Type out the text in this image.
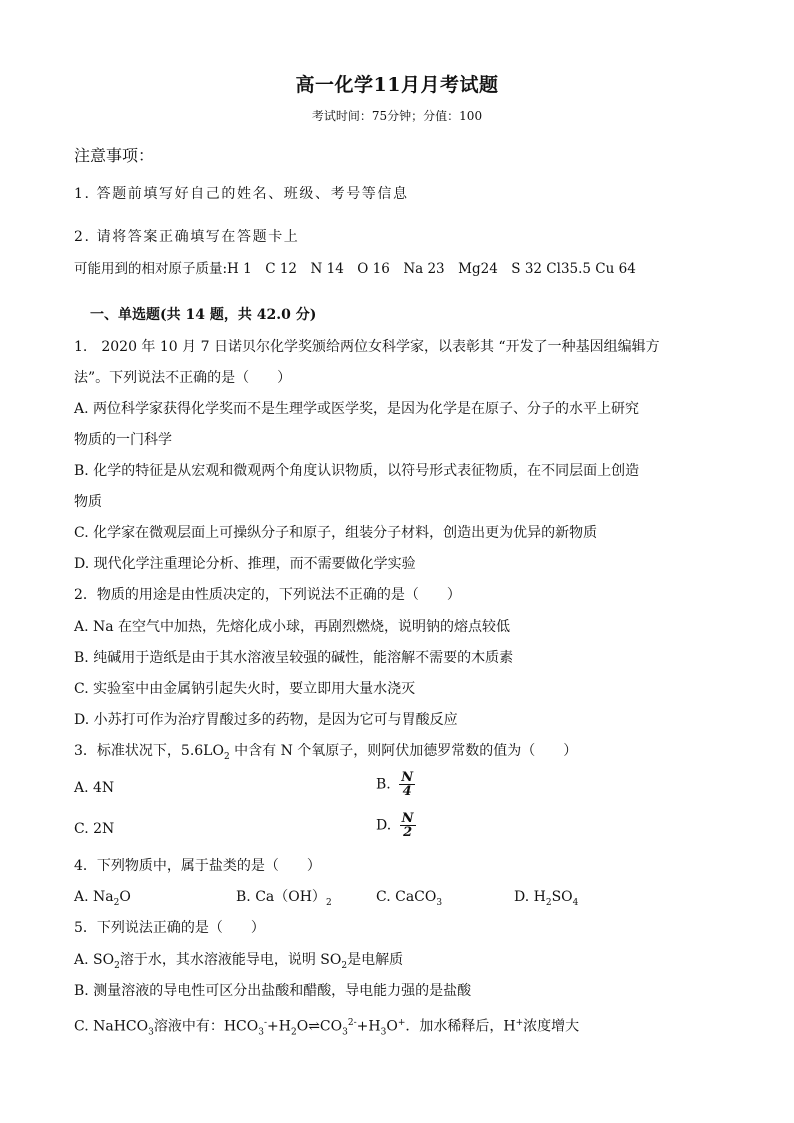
高一化学11月月考试题
考试时间：75分钟；分值：100
注意事项：
1. 答题前填写好自己的姓名、班级、考号等信息
2. 请将答案正确填写在答题卡上
可能用到的相对原子质量:H 1　C 12　N 14　O 16　Na 23　Mg24　S 32 Cl35.5 Cu 64
一、单选题(共 14 题，共 42.0 分)
1.　2020 年 10 月 7 日诺贝尔化学奖颁给两位女科学家，以表彰其 “开发了一种基因组编辑方
法”。下列说法不正确的是（　　）
A. 两位科学家获得化学奖而不是生理学或医学奖，是因为化学是在原子、分子的水平上研究
物质的一门科学
B. 化学的特征是从宏观和微观两个角度认识物质，以符号形式表征物质，在不同层面上创造
物质
C. 化学家在微观层面上可操纵分子和原子，组装分子材料，创造出更为优异的新物质
D. 现代化学注重理论分析、推理，而不需要做化学实验
2．物质的用途是由性质决定的，下列说法不正确的是（　　）
A. Na 在空气中加热，先熔化成小球，再剧烈燃烧，说明钠的熔点较低
B. 纯碱用于造纸是由于其水溶液呈较强的碱性，能溶解不需要的木质素
C. 实验室中由金属钠引起失火时，要立即用大量水浇灭
D. 小苏打可作为治疗胃酸过多的药物，是因为它可与胃酸反应
3．标准状况下，$5.6LO_2$ 中含有 N 个氧原子，则阿伏加德罗常数的值为（　　）
A. 4N	B. $\frac{N}{4}$
C. 2N	D. $\frac{N}{2}$
4．下列物质中，属于盐类的是（　　）
A. $Na_2O$	B. $Ca(OH)_2$	C. CaCO$_3$	D. $H_2SO_4$
5．下列说法正确的是（　　）
A. $SO_2$溶于水，其水溶液能导电，说明 $SO_2$是电解质
B. 测量溶液的导电性可区分出盐酸和醋酸，导电能力强的是盐酸
C. NaHCO$_3$溶液中有：$HCO_3^-+H_2O\rightleftharpoons CO_3^{2-}+H_3O^+$．加水稀释后，H+浓度增大
